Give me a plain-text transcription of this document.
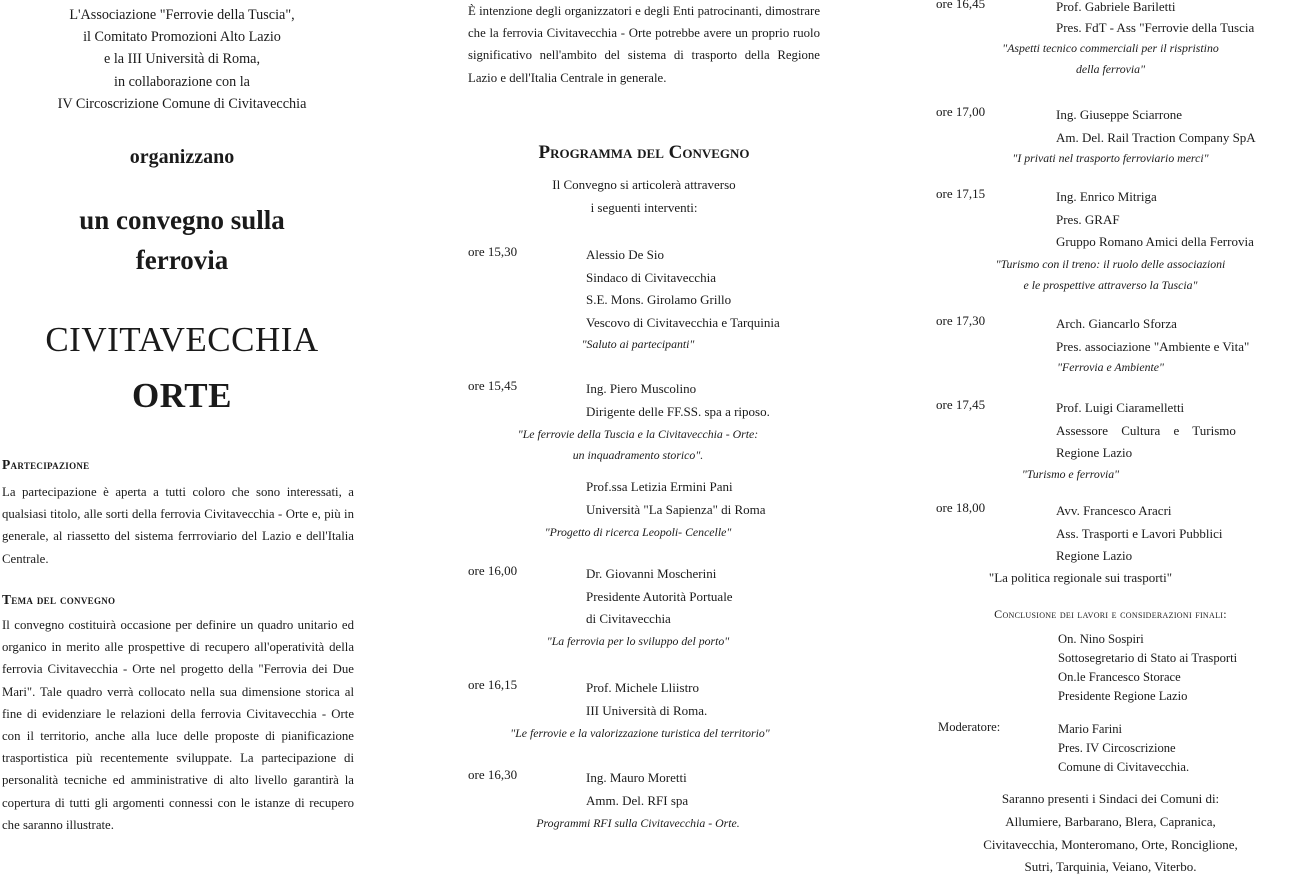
L'Associazione "Ferrovie della Tuscia",
il Comitato Promozioni Alto Lazio
e la III Università di Roma,
in collaborazione con la
IV Circoscrizione Comune di Civitavecchia
organizzano
un convegno sulla
ferrovia
CIVITAVECCHIA
ORTE
Partecipazione
La partecipazione è aperta a tutti coloro che sono interessati, a qualsiasi titolo, alle sorti della ferrovia Civitavecchia - Orte e, più in generale, al riassetto del sistema ferrroviario del Lazio e dell'Italia Centrale.
Tema del convegno
Il convegno costituirà occasione per definire un quadro unitario ed organico in merito alle prospettive di recupero all'operatività della ferrovia Civitavecchia - Orte nel progetto della "Ferrovia dei Due Mari". Tale quadro verrà collocato nella sua dimensione storica al fine di evidenziare le relazioni della ferrovia Civitavecchia - Orte con il territorio, anche alla luce delle proposte di pianificazione trasportistica più recentemente sviluppate. La partecipazione di personalità tecniche ed amministrative di alto livello garantirà la copertura di tutti gli argomenti connessi con le istanze di recupero che saranno illustrate.
È intenzione degli organizzatori e degli Enti patrocinanti, dimostrare che la ferrovia Civitavecchia - Orte potrebbe avere un proprio ruolo significativo nell'ambito del sistema di trasporto della Regione Lazio e dell'Italia Centrale in generale.
Programma del Convegno
Il Convegno si articolerà attraverso
i seguenti interventi:
ore 15,30	Alessio De Sio
Sindaco di Civitavecchia
S.E. Mons. Girolamo Grillo
Vescovo di Civitavecchia e Tarquinia
"Saluto ai partecipanti"
ore 15,45	Ing. Piero Muscolino
Dirigente delle FF.SS. spa a riposo.
"Le ferrovie della Tuscia e la Civitavecchia - Orte:
un inquadramento storico".
Prof.ssa Letizia Ermini Pani
Università "La Sapienza" di Roma
"Progetto di ricerca Leopoli- Cencelle"
ore 16,00	Dr. Giovanni Moscherini
Presidente Autorità Portuale
di Civitavecchia
"La ferrovia per lo sviluppo del porto"
ore 16,15	Prof. Michele Lliistro
III Università di Roma.
"Le ferrovie e la valorizzazione turistica del territorio"
ore 16,30	Ing. Mauro Moretti
Amm. Del. RFI spa
Programmi RFI sulla Civitavecchia - Orte.
ore 16,45	Prof. Gabriele Bariletti
Pres. FdT - Ass "Ferrovie della Tuscia
"Aspetti tecnico commerciali per il rispristino
della ferrovia"
ore 17,00	Ing. Giuseppe Sciarrone
Am. Del. Rail Traction Company SpA
"I privati nel trasporto ferroviario merci"
ore 17,15	Ing. Enrico Mitriga
Pres. GRAF
Gruppo Romano Amici della Ferrovia
"Turismo con il treno: il ruolo delle associazioni
e le prospettive attraverso la Tuscia"
ore 17,30	Arch. Giancarlo Sforza
Pres. associazione "Ambiente e Vita"
"Ferrovia e Ambiente"
ore 17,45	Prof. Luigi Ciaramelletti
Assessore Cultura e Turismo
Regione Lazio
"Turismo e ferrovia"
ore 18,00	Avv. Francesco Aracri
Ass. Trasporti e Lavori Pubblici
Regione Lazio
"La politica regionale sui trasporti"
Conclusione dei lavori e considerazioni finali:
On. Nino Sospiri
Sottosegretario di Stato ai Trasporti
On.le Francesco Storace
Presidente Regione Lazio
Moderatore:	Mario Farini
Pres. IV Circoscrizione
Comune di Civitavecchia.
Saranno presenti i Sindaci dei Comuni di:
Allumiere, Barbarano, Blera, Capranica,
Civitavecchia, Monteromano, Orte, Ronciglione,
Sutri, Tarquinia, Veiano, Viterbo.
